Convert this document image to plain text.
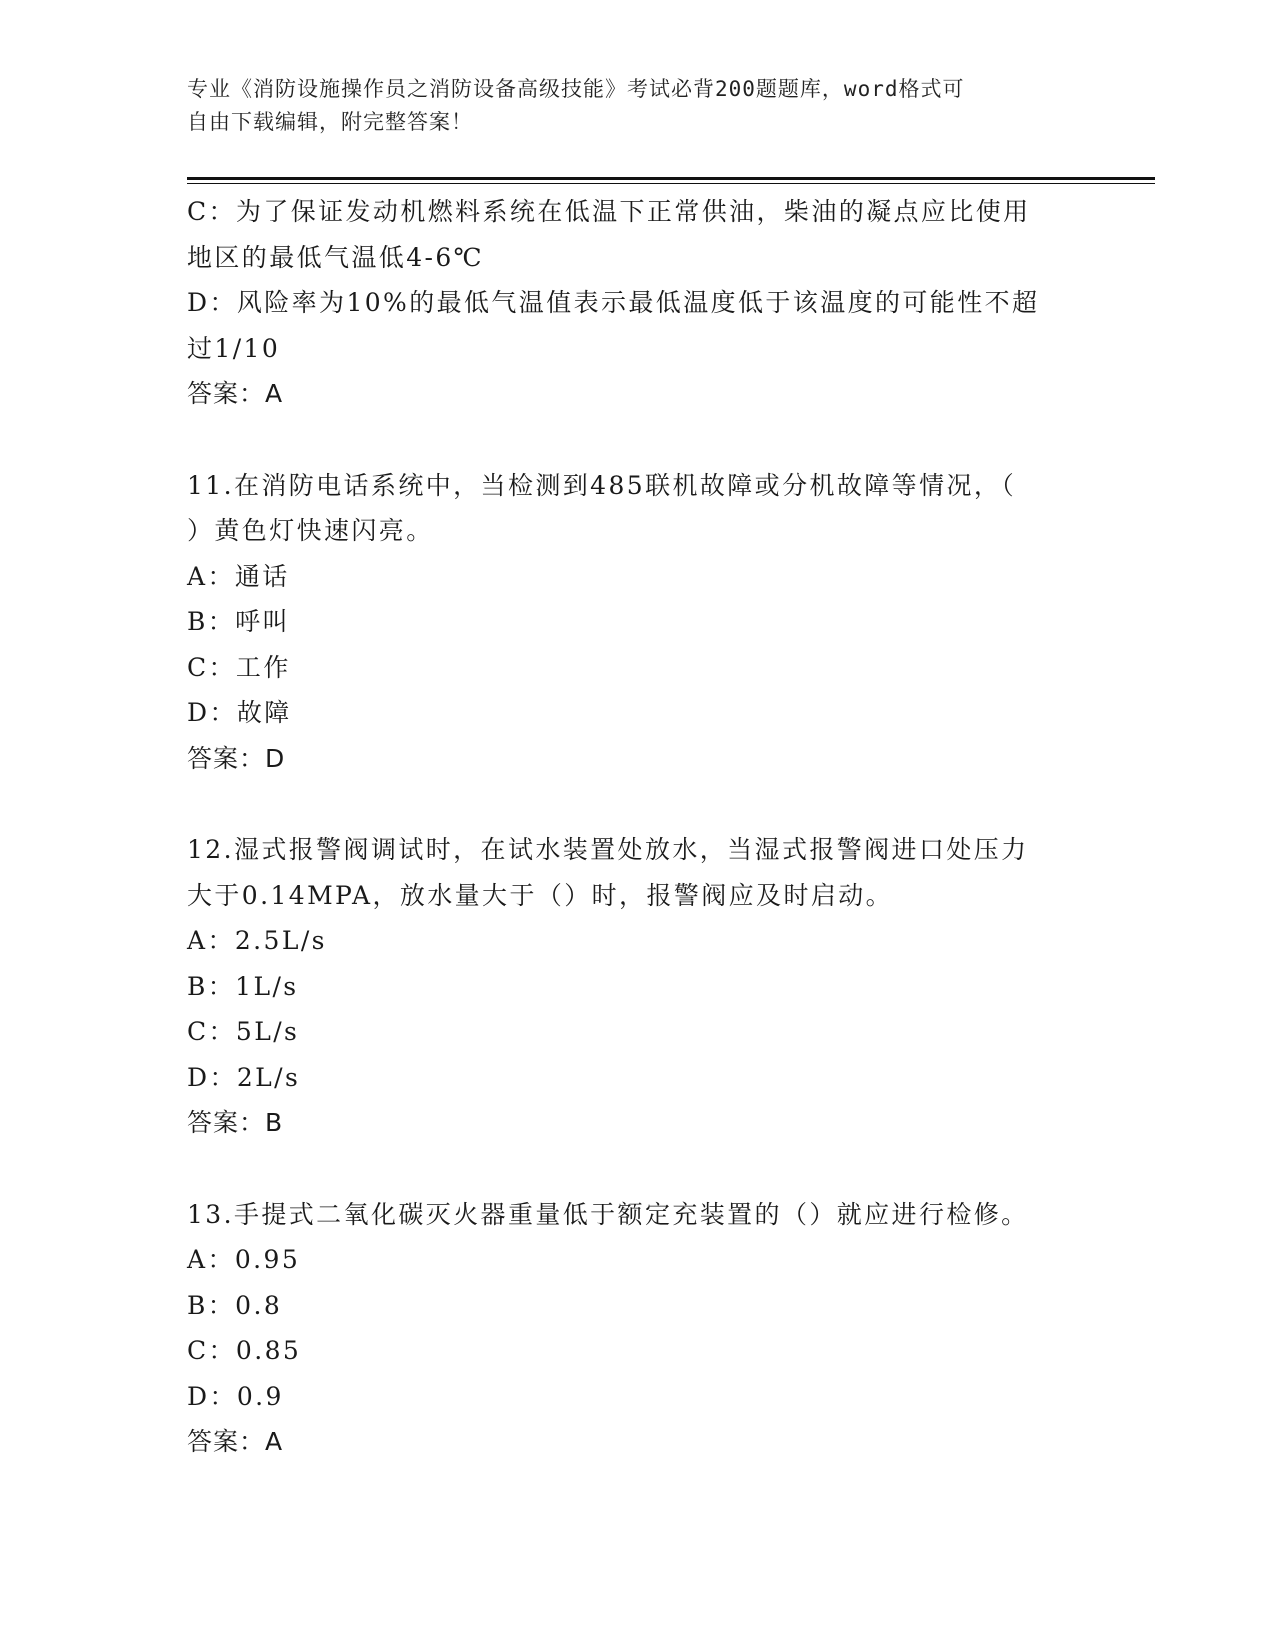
专业《消防设施操作员之消防设备高级技能》考试必背200题题库，word格式可
自由下载编辑，附完整答案！

C：为了保证发动机燃料系统在低温下正常供油，柴油的凝点应比使用

地区的最低气温低4-6℃

D：风险率为10%的最低气温值表示最低温度低于该温度的可能性不超

过1/10

答案：A

11.在消防电话系统中，当检测到485联机故障或分机故障等情况，（

）黄色灯快速闪亮。

A：通话

B：呼叫

C：工作

D：故障

答案：D

12.湿式报警阀调试时，在试水装置处放水，当湿式报警阀进口处压力

大于0.14MPA，放水量大于（）时，报警阀应及时启动。

A：2.5L/s

B：1L/s

C：5L/s

D：2L/s

答案：B

13.手提式二氧化碳灭火器重量低于额定充装置的（）就应进行检修。

A：0.95

B：0.8

C：0.85

D：0.9

答案：A
